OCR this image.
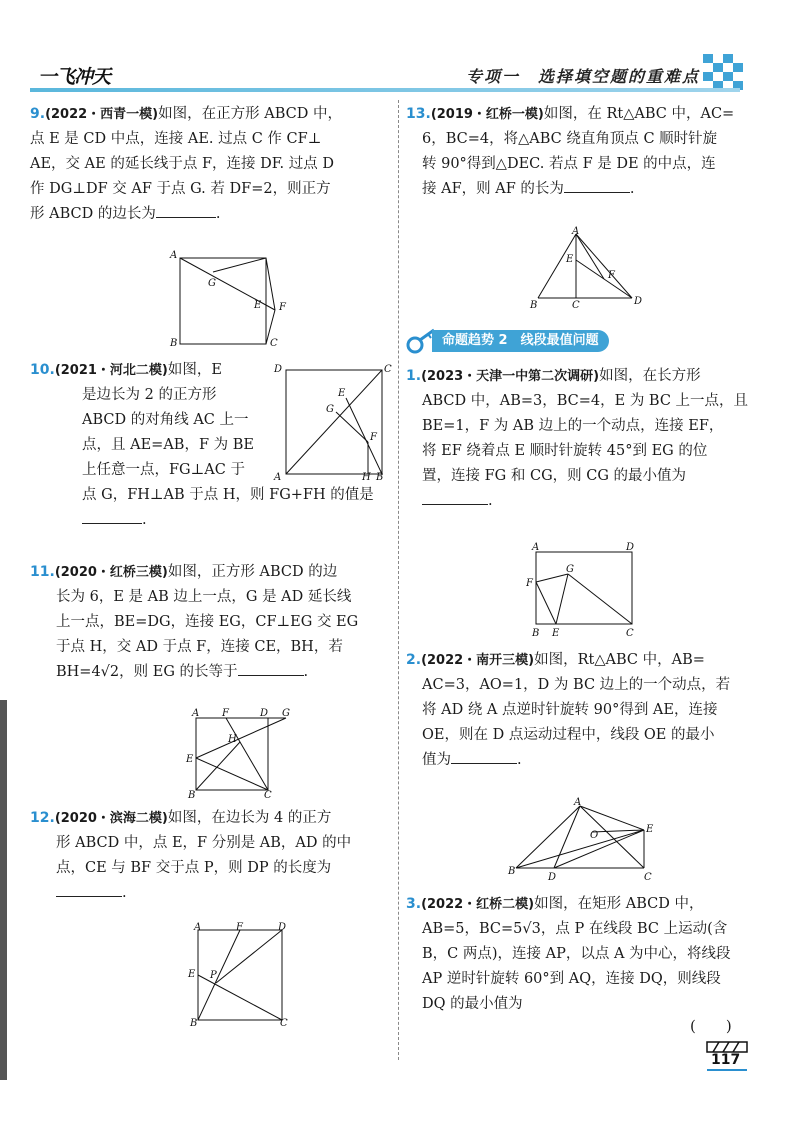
一飞冲天	专项一　选择填空题的重难点
9.(2022・西青一模)如图，在正方形 ABCD 中，
点 E 是 CD 中点，连接 AE. 过点 C 作 CF⊥
AE，交 AE 的延长线于点 F，连接 DF. 过点 D
作 DG⊥DF 交 AF 于点 G. 若 DF=2，则正方
形 ABCD 的边长为	.
A
G
E F
B	C
10.(2021・河北二模)如图，E
是边长为 2 的正方形
ABCD 的对角线 AC 上一
点，且 AE=AB，F 为 BE
上任意一点，FG⊥AC 于
点 G，FH⊥AB 于点 H，则 FG+FH 的值是
.
D	C
E
G
F
A	H B
11.(2020・红桥三模)如图，正方形 ABCD 的边
长为 6，E 是 AB 边上一点，G 是 AD 延长线
上一点，BE=DG，连接 EG，CF⊥EG 交 EG
于点 H，交 AD 于点 F，连接 CE，BH，若
BH=4√2，则 EG 的长等于	.
A F	D G
H
E
B	C
12.(2020・滨海二模)如图，在边长为 4 的正方
形 ABCD 中，点 E，F 分别是 AB，AD 的中
点，CE 与 BF 交于点 P，则 DP 的长度为
.
A	F	D
E P
B	C
13.(2019・红桥一模)如图，在 Rt△ABC 中，AC=
6，BC=4，将△ABC 绕直角顶点 C 顺时针旋
转 90°得到△DEC. 若点 F 是 DE 的中点，连
接 AF，则 AF 的长为	.
A
E
D
F
B	C
命题趋势 2　线段最值问题
1.(2023・天津一中第二次调研)如图，在长方形
ABCD 中，AB=3，BC=4，E 为 BC 上一点，且
BE=1，F 为 AB 边上的一个动点，连接 EF，
将 EF 绕着点 E 顺时针旋转 45°到 EG 的位
置，连接 FG 和 CG，则 CG 的最小值为
.
A	D
G
F
B E	C
2.(2022・南开三模)如图，Rt△ABC 中，AB=
AC=3，AO=1，D 为 BC 边上的一个动点，若
将 AD 绕 A 点逆时针旋转 90°得到 AE，连接
OE，则在 D 点运动过程中，线段 OE 的最小
值为	.
A
O
E
B
D	C
3.(2022・红桥二模)如图，在矩形 ABCD 中，
AB=5，BC=5√3，点 P 在线段 BC 上运动(含
B，C 两点)，连接 AP，以点 A 为中心，将线段
AP 逆时针旋转 60°到 AQ，连接 DQ，则线段
DQ 的最小值为
(　　)
117
